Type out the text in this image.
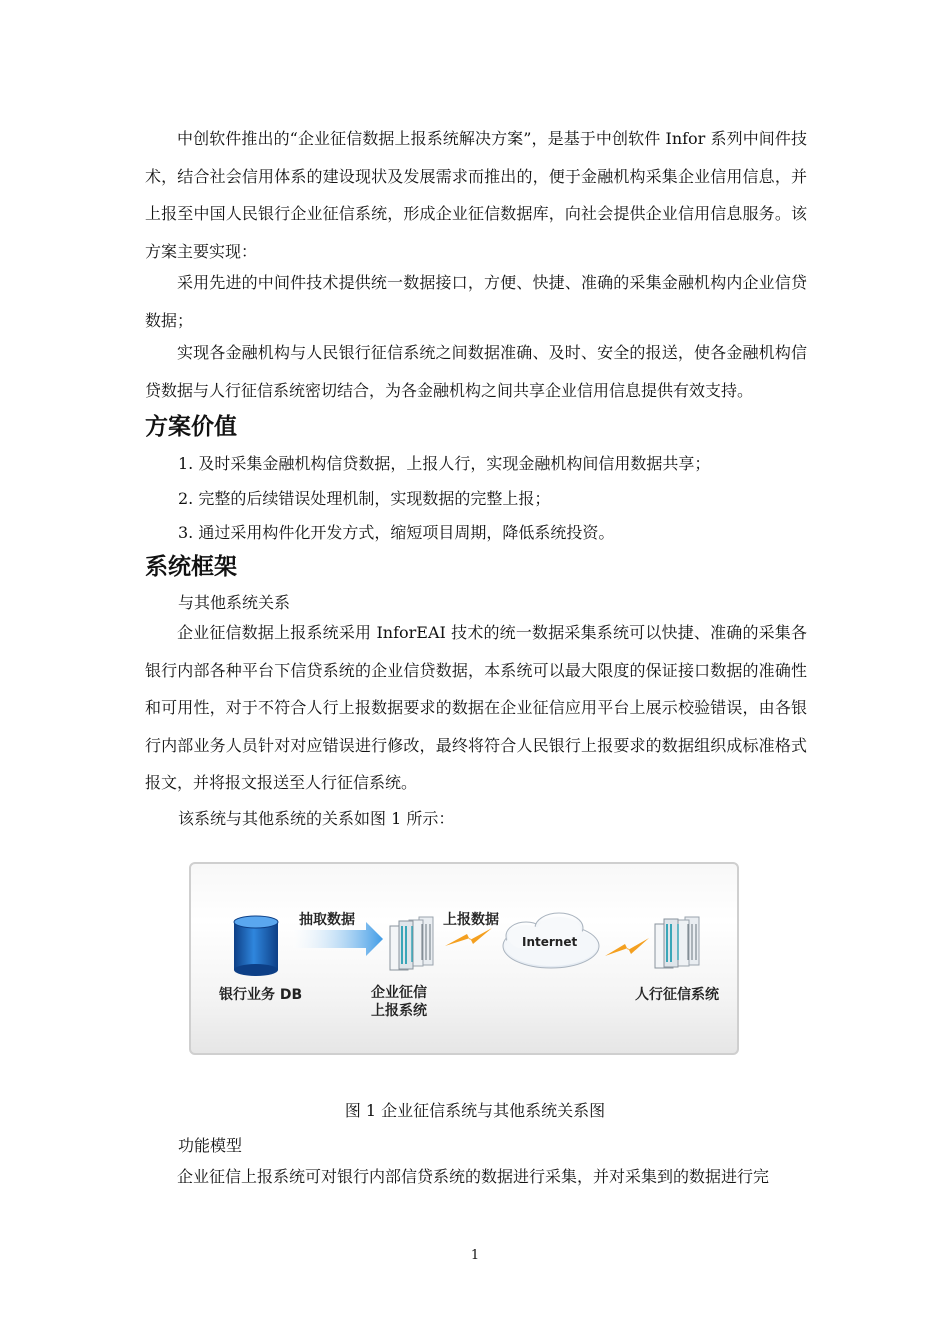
中创软件推出的“企业征信数据上报系统解决方案”，是基于中创软件 Infor 系列中间件技术，结合社会信用体系的建设现状及发展需求而推出的，便于金融机构采集企业信用信息，并上报至中国人民银行企业征信系统，形成企业征信数据库，向社会提供企业信用信息服务。该方案主要实现：

采用先进的中间件技术提供统一数据接口，方便、快捷、准确的采集金融机构内企业信贷数据；

实现各金融机构与人民银行征信系统之间数据准确、及时、安全的报送，使各金融机构信贷数据与人行征信系统密切结合，为各金融机构之间共享企业信用信息提供有效支持。

方案价值

1. 及时采集金融机构信贷数据，上报人行，实现金融机构间信用数据共享；

2. 完整的后续错误处理机制，实现数据的完整上报；

3. 通过采用构件化开发方式，缩短项目周期，降低系统投资。

系统框架

与其他系统关系

企业征信数据上报系统采用 InforEAI 技术的统一数据采集系统可以快捷、准确的采集各银行内部各种平台下信贷系统的企业信贷数据，本系统可以最大限度的保证接口数据的准确性和可用性，对于不符合人行上报数据要求的数据在企业征信应用平台上展示校验错误，由各银行内部业务人员针对对应错误进行修改，最终将符合人民银行上报要求的数据组织成标准格式报文，并将报文报送至人行征信系统。

该系统与其他系统的关系如图 1 所示：

抽取数据	上报数据
Internet
银行业务 DB	企业征信
上报系统
人行征信系统

图 1 企业征信系统与其他系统关系图

功能模型

企业征信上报系统可对银行内部信贷系统的数据进行采集，并对采集到的数据进行完

1
